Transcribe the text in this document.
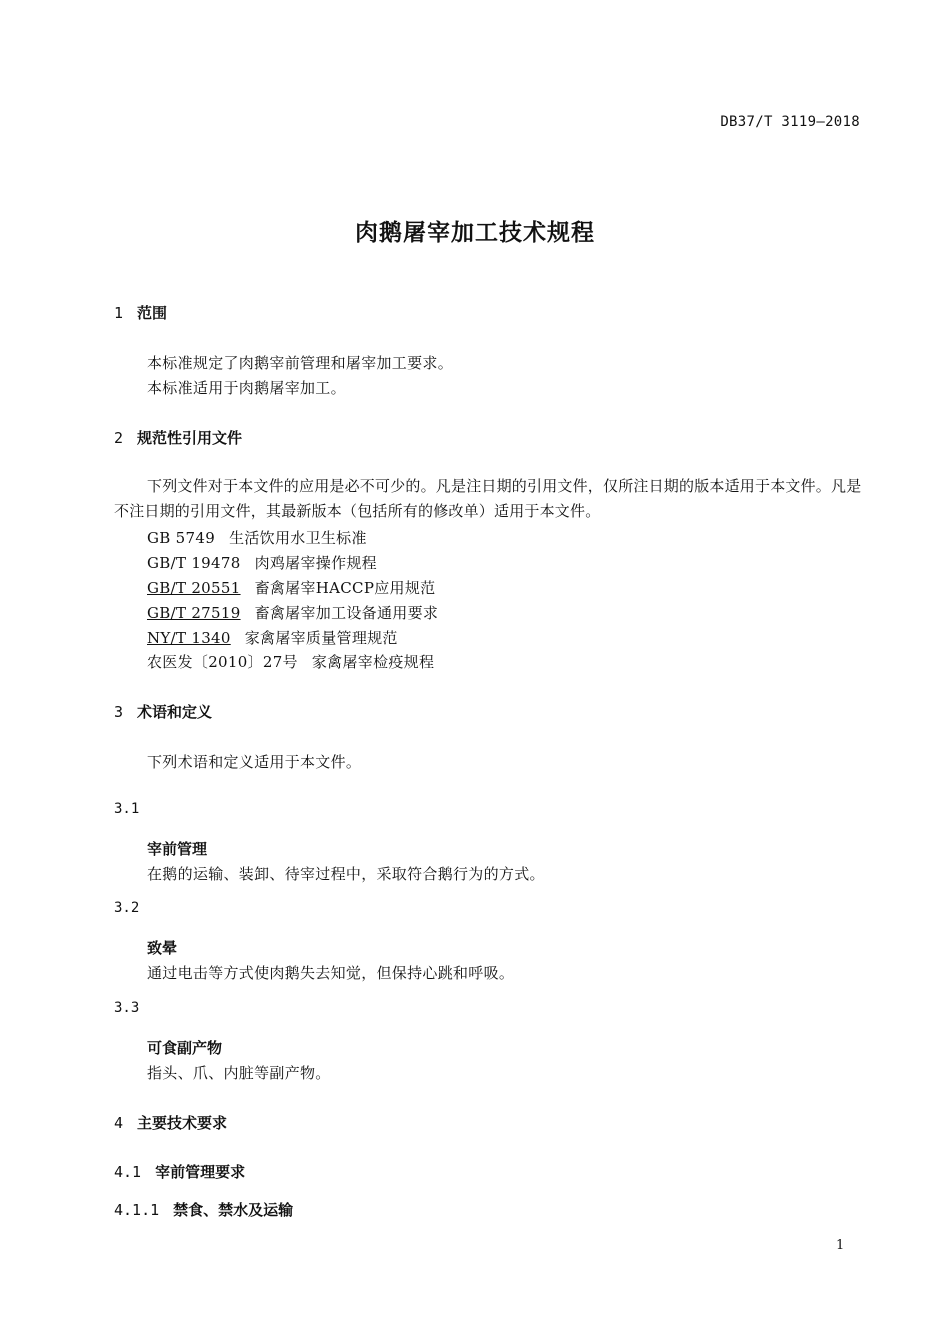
DB37/T 3119—2018
肉鹅屠宰加工技术规程
1 范围
本标准规定了肉鹅宰前管理和屠宰加工要求。
本标准适用于肉鹅屠宰加工。
2 规范性引用文件
下列文件对于本文件的应用是必不可少的。凡是注日期的引用文件，仅所注日期的版本适用于本文件。凡是不注日期的引用文件，其最新版本（包括所有的修改单）适用于本文件。
GB 5749 生活饮用水卫生标准
GB/T 19478 肉鸡屠宰操作规程
GB/T 20551 畜禽屠宰HACCP应用规范
GB/T 27519 畜禽屠宰加工设备通用要求
NY/T 1340 家禽屠宰质量管理规范
农医发〔2010〕27号 家禽屠宰检疫规程
3 术语和定义
下列术语和定义适用于本文件。
3.1
宰前管理
在鹅的运输、装卸、待宰过程中，采取符合鹅行为的方式。
3.2
致晕
通过电击等方式使肉鹅失去知觉，但保持心跳和呼吸。
3.3
可食副产物
指头、爪、内脏等副产物。
4 主要技术要求
4.1 宰前管理要求
4.1.1 禁食、禁水及运输
1
